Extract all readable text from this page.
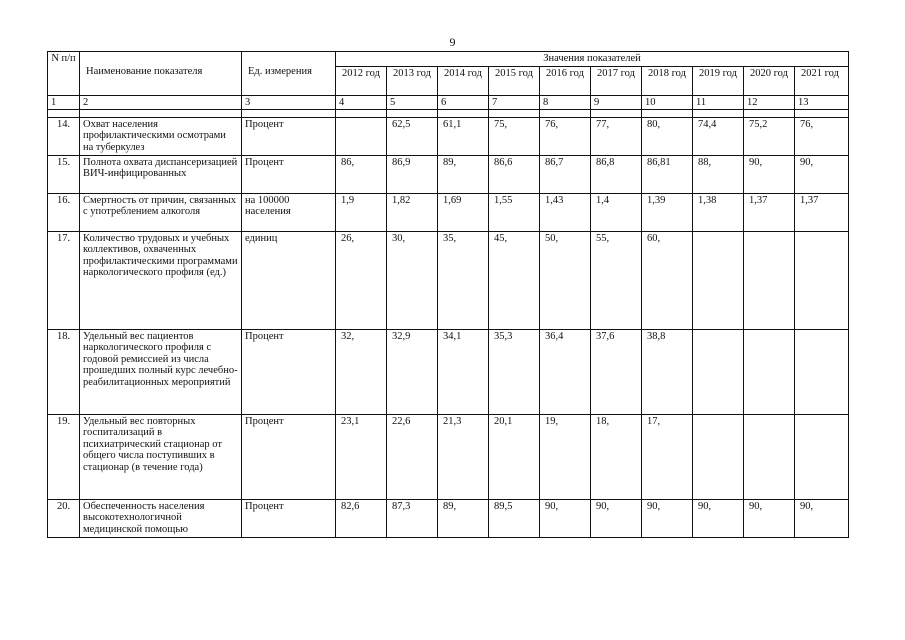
9
N п/п	Наименование показателя	Ед. измерения	Значения показателей									
			2012 год	2013 год	2014 год	2015 год	2016 год	2017 год	2018 год	2019 год	2020 год	2021 год
1	2	3	4	5	6	7	8	9	10	11	12	13

14.	Охват населения профилактическими осмотрами на туберкулез	Процент		62,5	61,1	75,	76,	77,	80,	74,4	75,2	76,
15.	Полнота охвата диспансеризацией ВИЧ-инфицированных	Процент	86,	86,9	89,	86,6	86,7	86,8	86,81	88,	90,	90,
16.	Смертность от причин, связанных с употреблением алкоголя	на 100000 населения	1,9	1,82	1,69	1,55	1,43	1,4	1,39	1,38	1,37	1,37
17.	Количество трудовых и учебных коллективов, охваченных профилактическими программами наркологического профиля (ед.)	единиц	26,	30,	35,	45,	50,	55,	60,			
18.	Удельный вес пациентов наркологического профиля с годовой ремиссией из числа прошедших полный курс лечебно-реабилитационных мероприятий	Процент	32,	32,9	34,1	35,3	36,4	37,6	38,8			
19.	Удельный вес повторных госпитализаций в психиатрический стационар от общего числа поступивших в стационар (в течение года)	Процент	23,1	22,6	21,3	20,1	19,	18,	17,			
20.	Обеспеченность населения высокотехнологичной медицинской помощью	Процент	82,6	87,3	89,	89,5	90,	90,	90,	90,	90,	90,
